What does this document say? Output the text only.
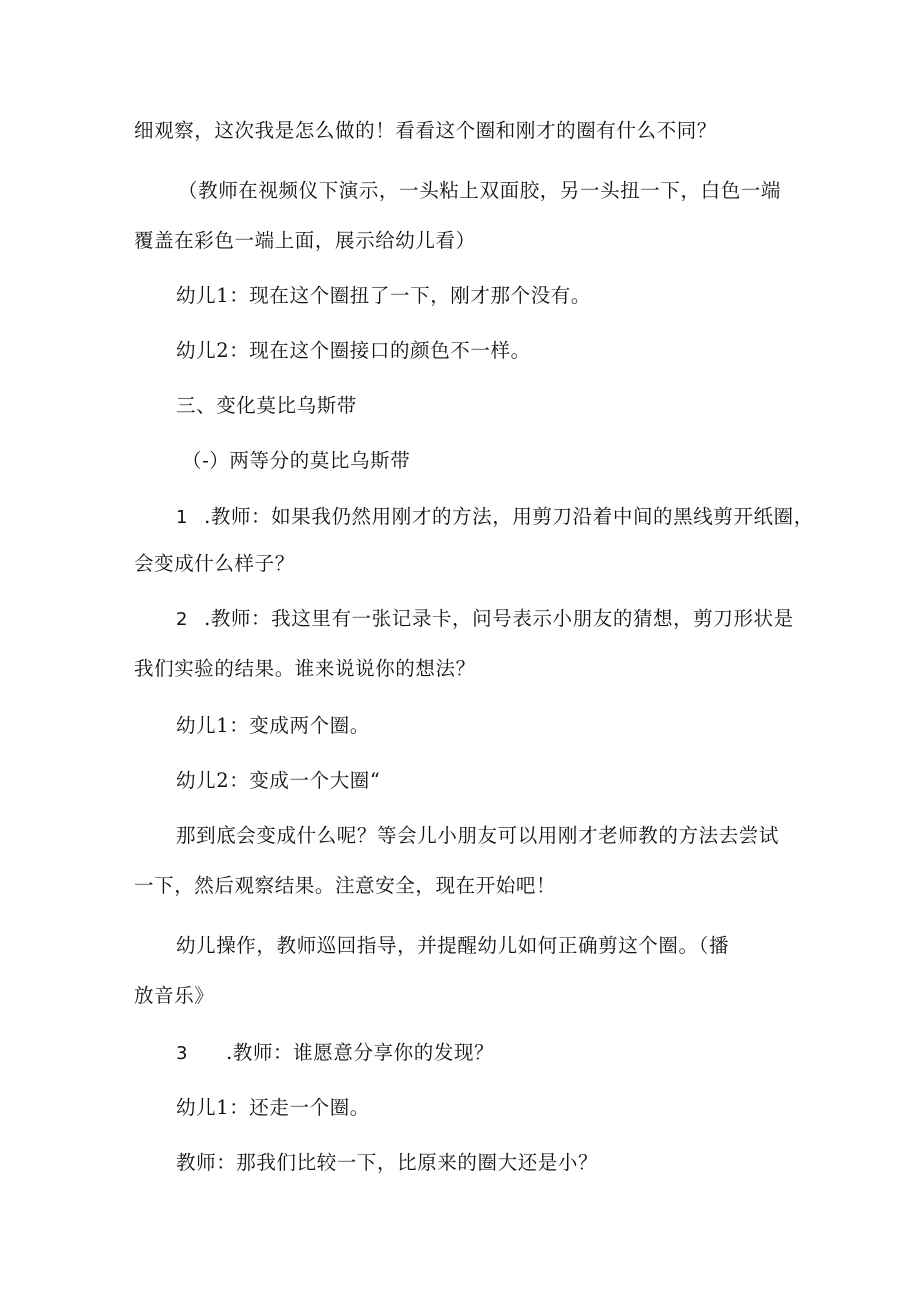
细观察，这次我是怎么做的！看看这个圈和刚才的圈有什么不同？
（教师在视频仪下演示，一头粘上双面胶，另一头扭一下，白色一端
覆盖在彩色一端上面，展示给幼儿看）
幼儿1：现在这个圈扭了一下，刚才那个没有。
幼儿2：现在这个圈接口的颜色不一样。
三、变化莫比乌斯带
（-）两等分的莫比乌斯带
1 .教师：如果我仍然用刚才的方法，用剪刀沿着中间的黑线剪开纸圈，
会变成什么样子？
2 .教师：我这里有一张记录卡，问号表示小朋友的猜想，剪刀形状是
我们实验的结果。谁来说说你的想法？
幼儿1：变成两个圈。
幼儿2：变成一个大圈“
那到底会变成什么呢？等会儿小朋友可以用刚才老师教的方法去尝试
一下，然后观察结果。注意安全，现在开始吧！
幼儿操作，教师巡回指导，并提醒幼儿如何正确剪这个圈。（播
放音乐》
3 .教师：谁愿意分享你的发现？
幼儿1：还走一个圈。
教师：那我们比较一下，比原来的圈大还是小？
